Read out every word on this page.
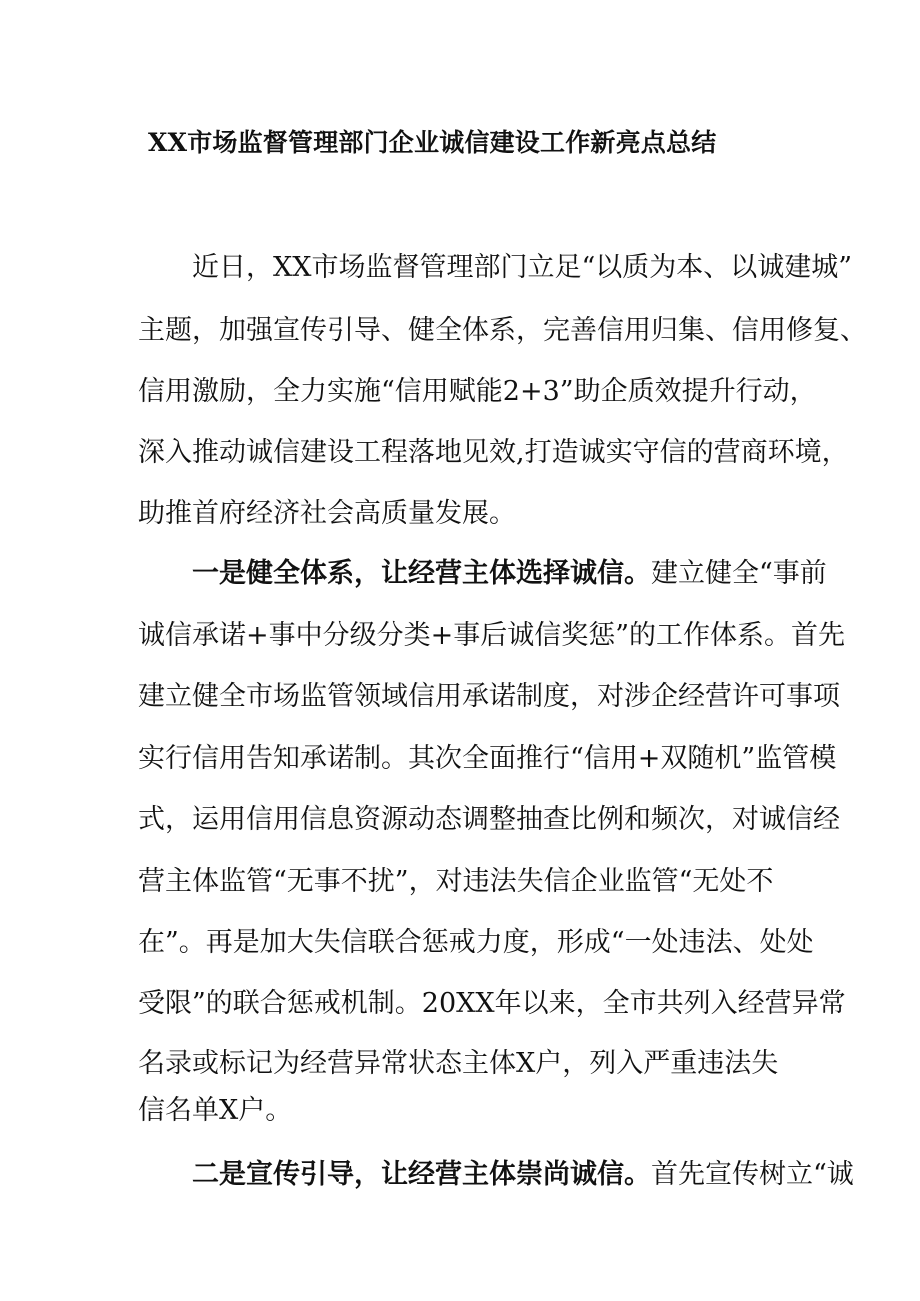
XX市场监督管理部门企业诚信建设工作新亮点总结

近日，XX市场监督管理部门立足“以质为本、以诚建城”

主题，加强宣传引导、健全体系，完善信用归集、信用修复、

信用激励，全力实施“信用赋能2+3”助企质效提升行动，

深入推动诚信建设工程落地见效,打造诚实守信的营商环境，

助推首府经济社会高质量发展。

一是健全体系，让经营主体选择诚信。建立健全“事前

诚信承诺+事中分级分类+事后诚信奖惩”的工作体系。首先

建立健全市场监管领域信用承诺制度，对涉企经营许可事项

实行信用告知承诺制。其次全面推行“信用+双随机”监管模

式，运用信用信息资源动态调整抽查比例和频次，对诚信经

营主体监管“无事不扰”，对违法失信企业监管“无处不

在”。再是加大失信联合惩戒力度，形成“一处违法、处处

受限”的联合惩戒机制。20XX年以来，全市共列入经营异常

名录或标记为经营异常状态主体X户，列入严重违法失

信名单X户。

二是宣传引导，让经营主体崇尚诚信。首先宣传树立“诚
